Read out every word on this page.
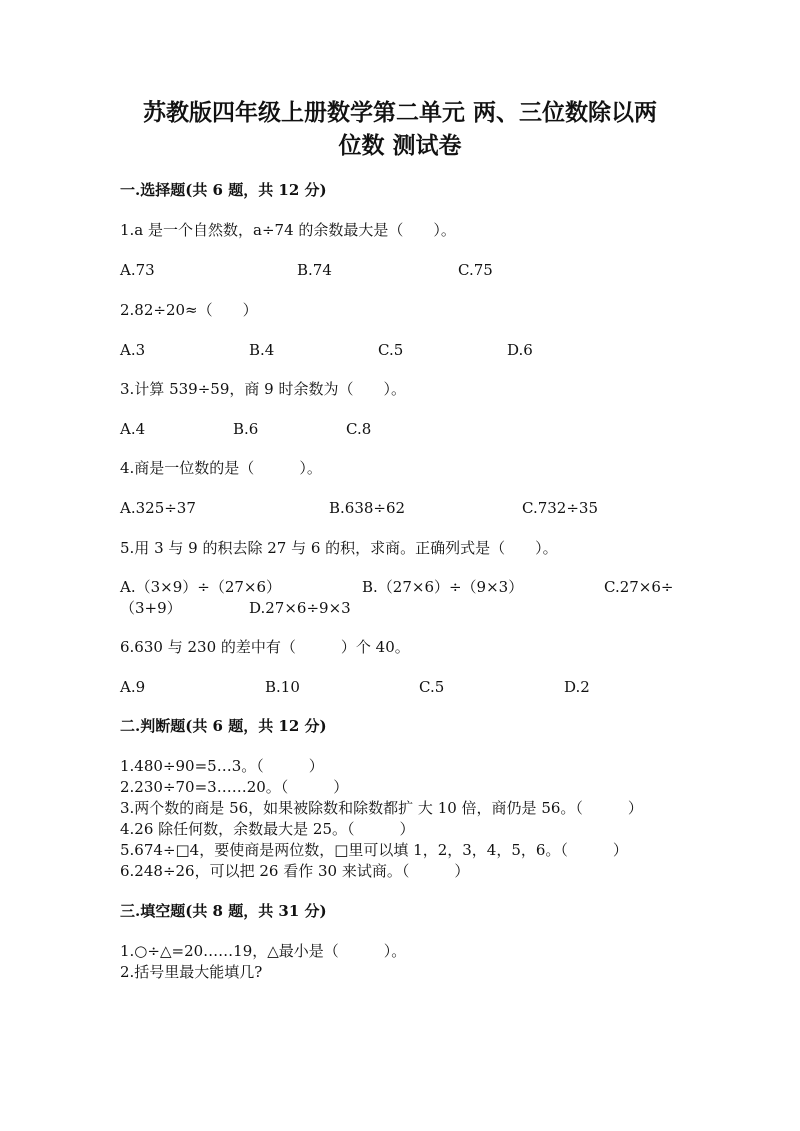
苏教版四年级上册数学第二单元 两、三位数除以两
位数 测试卷
一.选择题(共 6 题，共 12 分)
1.a 是一个自然数，a÷74 的余数最大是（　　）。
A.73	B.74	C.75
2.82÷20≈（　　）
A.3	B.4	C.5	D.6
3.计算 539÷59，商 9 时余数为（　　）。
A.4	B.6	C.8
4.商是一位数的是（　　　）。
A.325÷37	B.638÷62	C.732÷35
5.用 3 与 9 的积去除 27 与 6 的积，求商。正确列式是（　　）。
A.（3×9）÷（27×6）	B.（27×6）÷（9×3）	C.27×6÷
（3+9）	D.27×6÷9×3
6.630 与 230 的差中有（　　　）个 40。
A.9	B.10	C.5	D.2
二.判断题(共 6 题，共 12 分)
1.480÷90=5…3。（　　　）
2.230÷70=3……20。（　　　）
3.两个数的商是 56，如果被除数和除数都扩 大 10 倍，商仍是 56。（　　　）
4.26 除任何数，余数最大是 25。（　　　）
5.674÷□4，要使商是两位数，□里可以填 1，2，3，4，5，6。（　　　）
6.248÷26，可以把 26 看作 30 来试商。（　　　）
三.填空题(共 8 题，共 31 分)
1.○÷△=20……19，△最小是（　　　）。
2.括号里最大能填几?
